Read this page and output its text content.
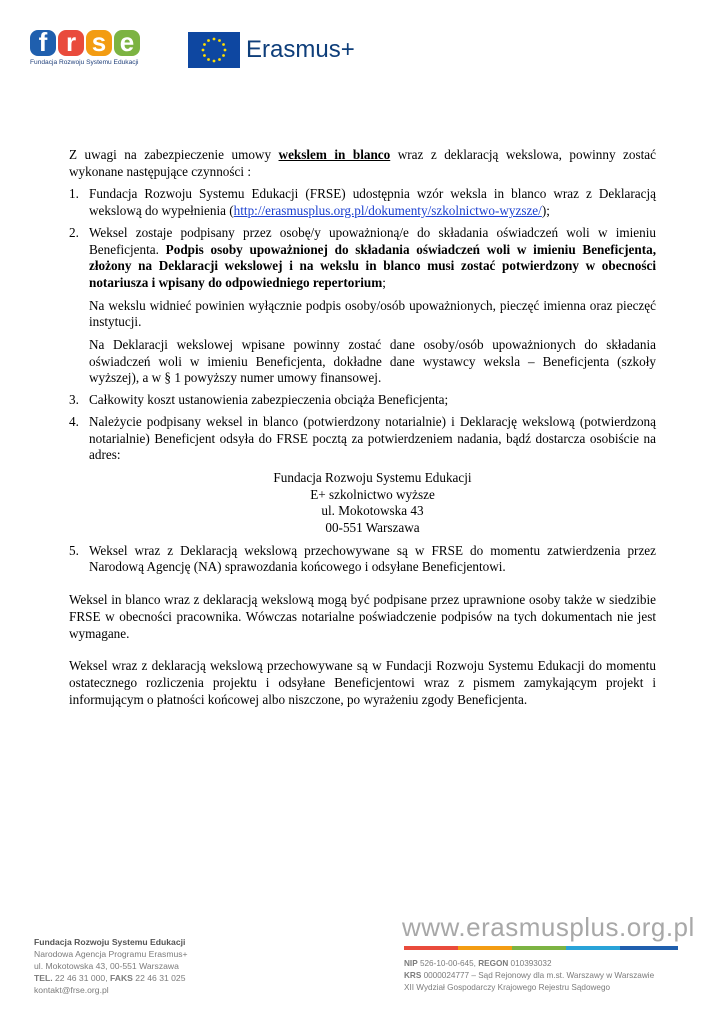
f r s e
Fundacja Rozwoju Systemu Edukacji	Erasmus+

Z uwagi na zabezpieczenie umowy wekslem in blanco wraz z deklaracją wekslowa, powinny zostać wykonane następujące czynności :

1. Fundacja Rozwoju Systemu Edukacji (FRSE) udostępnia wzór weksla in blanco wraz z Deklaracją wekslową do wypełnienia (http://erasmusplus.org.pl/dokumenty/szkolnictwo-wyzsze/);
2. Weksel zostaje podpisany przez osobę/y upoważnioną/e do składania oświadczeń woli w imieniu Beneficjenta. Podpis osoby upoważnionej do składania oświadczeń woli w imieniu Beneficjenta, złożony na Deklaracji wekslowej i na wekslu in blanco musi zostać potwierdzony w obecności notariusza i wpisany do odpowiedniego repertorium;

Na wekslu widnieć powinien wyłącznie podpis osoby/osób upoważnionych, pieczęć imienna oraz pieczęć instytucji.

Na Deklaracji wekslowej wpisane powinny zostać dane osoby/osób upoważnionych do składania oświadczeń woli w imieniu Beneficjenta, dokładne dane wystawcy weksla – Beneficjenta (szkoły wyższej), a w § 1 powyższy numer umowy finansowej.

3. Całkowity koszt ustanowienia zabezpieczenia obciąża Beneficjenta;
4. Należycie podpisany weksel in blanco (potwierdzony notarialnie) i Deklarację wekslową (potwierdzoną notarialnie) Beneficjent odsyła do FRSE pocztą za potwierdzeniem nadania, bądź dostarcza osobiście na adres:

Fundacja Rozwoju Systemu Edukacji
E+ szkolnictwo wyższe
ul. Mokotowska 43
00-551 Warszawa

5. Weksel wraz z Deklaracją wekslową przechowywane są w FRSE do momentu zatwierdzenia przez Narodową Agencję (NA) sprawozdania końcowego i odsyłane Beneficjentowi.

Weksel in blanco wraz z deklaracją wekslową mogą być podpisane przez uprawnione osoby także w siedzibie FRSE w obecności pracownika. Wówczas notarialne poświadczenie podpisów na tych dokumentach nie jest wymagane.

Weksel wraz z deklaracją wekslową przechowywane są w Fundacji Rozwoju Systemu Edukacji do momentu ostatecznego rozliczenia projektu i odsyłane Beneficjentowi wraz z pismem zamykającym projekt i informującym o płatności końcowej albo niszczone, po wyrażeniu zgody Beneficjenta.

www.erasmusplus.org.pl
Fundacja Rozwoju Systemu Edukacji
Narodowa Agencja Programu Erasmus+
ul. Mokotowska 43, 00-551 Warszawa
TEL. 22 46 31 000, FAKS 22 46 31 025
kontakt@frse.org.pl
NIP 526-10-00-645, REGON 010393032
KRS 0000024777 – Sąd Rejonowy dla m.st. Warszawy w Warszawie
XII Wydział Gospodarczy Krajowego Rejestru Sądowego
